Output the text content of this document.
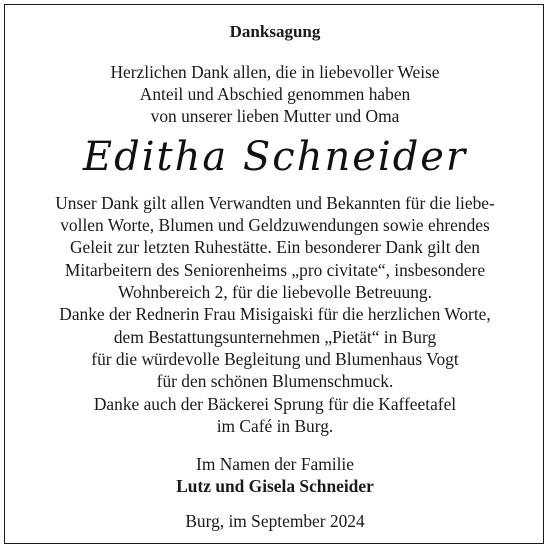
Danksagung
Herzlichen Dank allen, die in liebevoller Weise
Anteil und Abschied genommen haben
von unserer lieben Mutter und Oma
Editha Schneider
Unser Dank gilt allen Verwandten und Bekannten für die liebe-
vollen Worte, Blumen und Geldzuwendungen sowie ehrendes
Geleit zur letzten Ruhestätte. Ein besonderer Dank gilt den
Mitarbeitern des Seniorenheims „pro civitate“, insbesondere
Wohnbereich 2, für die liebevolle Betreuung.
Danke der Rednerin Frau Misigaiski für die herzlichen Worte,
dem Bestattungsunternehmen „Pietät“ in Burg
für die würdevolle Begleitung und Blumenhaus Vogt
für den schönen Blumenschmuck.
Danke auch der Bäckerei Sprung für die Kaffeetafel
im Café in Burg.
Im Namen der Familie
Lutz und Gisela Schneider
Burg, im September 2024
